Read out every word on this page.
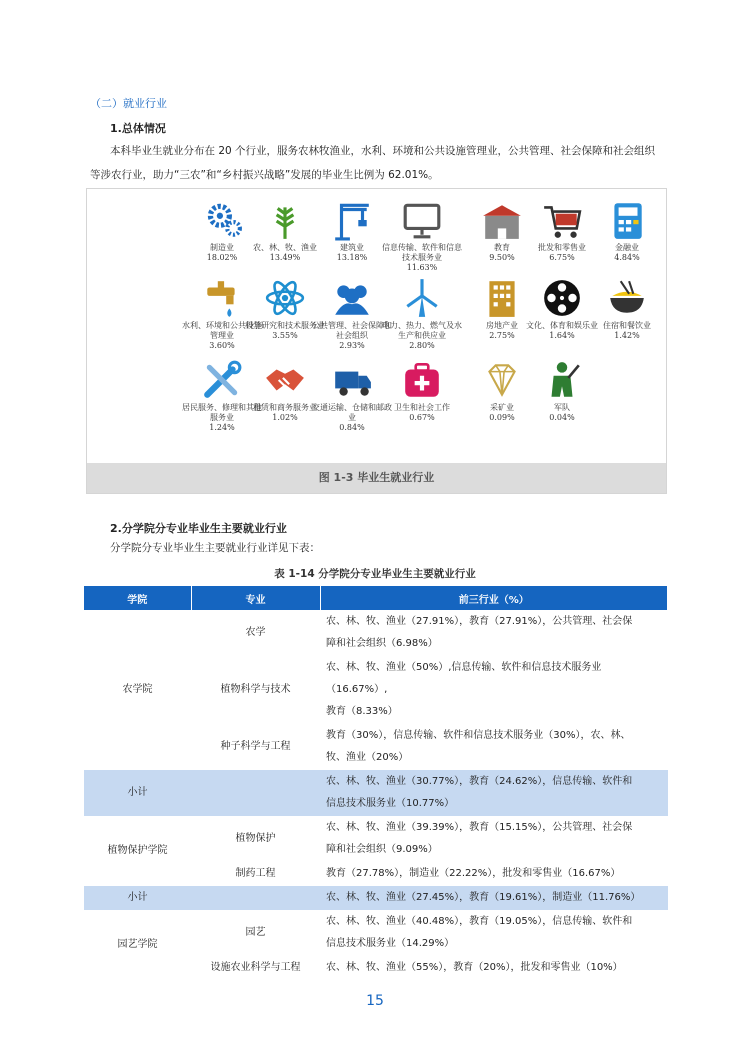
（二）就业行业
1.总体情况
本科毕业生就业分布在 20 个行业，服务农林牧渔业，水利、环境和公共设施管理业，公共管理、社会保障和社会组织
等涉农行业，助力“三农”和“乡村振兴战略”发展的毕业生比例为 62.01%。
制造业
18.02%
农、林、牧、渔业
13.49%
建筑业
13.18%
信息传输、软件和信息技术服务业
11.63%
教育
9.50%
批发和零售业
6.75%
金融业
4.84%
水利、环境和公共设施管理业
3.60%
科学研究和技术服务业
3.55%
公共管理、社会保障和社会组织
2.93%
电力、热力、燃气及水生产和供应业
2.80%
房地产业
2.75%
文化、体育和娱乐业
1.64%
住宿和餐饮业
1.42%
居民服务、修理和其他服务业
1.24%
租赁和商务服务业
1.02%
交通运输、仓储和邮政业
0.84%
卫生和社会工作
0.67%
采矿业
0.09%
军队
0.04%
图 1-3 毕业生就业行业
2.分学院分专业毕业生主要就业行业
分学院分专业毕业生主要就业行业详见下表：
表 1-14 分学院分专业毕业生主要就业行业
学院	专业	前三行业（%）
农学院	农学	农、林、牧、渔业（27.91%），教育（27.91%），公共管理、社会保
障和社会组织（6.98%）

	植物科学与技术	农、林、牧、渔业（50%）,信息传输、软件和信息技术服务业（16.67%）,
教育（8.33%）

	种子科学与工程	教育（30%），信息传输、软件和信息技术服务业（30%），农、林、
牧、渔业（20%）

小计		农、林、牧、渔业（30.77%），教育（24.62%），信息传输、软件和
信息技术服务业（10.77%）

植物保护学院	植物保护	农、林、牧、渔业（39.39%），教育（15.15%），公共管理、社会保
障和社会组织（9.09%）

	制药工程	教育（27.78%），制造业（22.22%），批发和零售业（16.67%）

小计		农、林、牧、渔业（27.45%），教育（19.61%），制造业（11.76%）

园艺学院	园艺	农、林、牧、渔业（40.48%），教育（19.05%），信息传输、软件和
信息技术服务业（14.29%）

	设施农业科学与工程	农、林、牧、渔业（55%），教育（20%），批发和零售业（10%）
15
